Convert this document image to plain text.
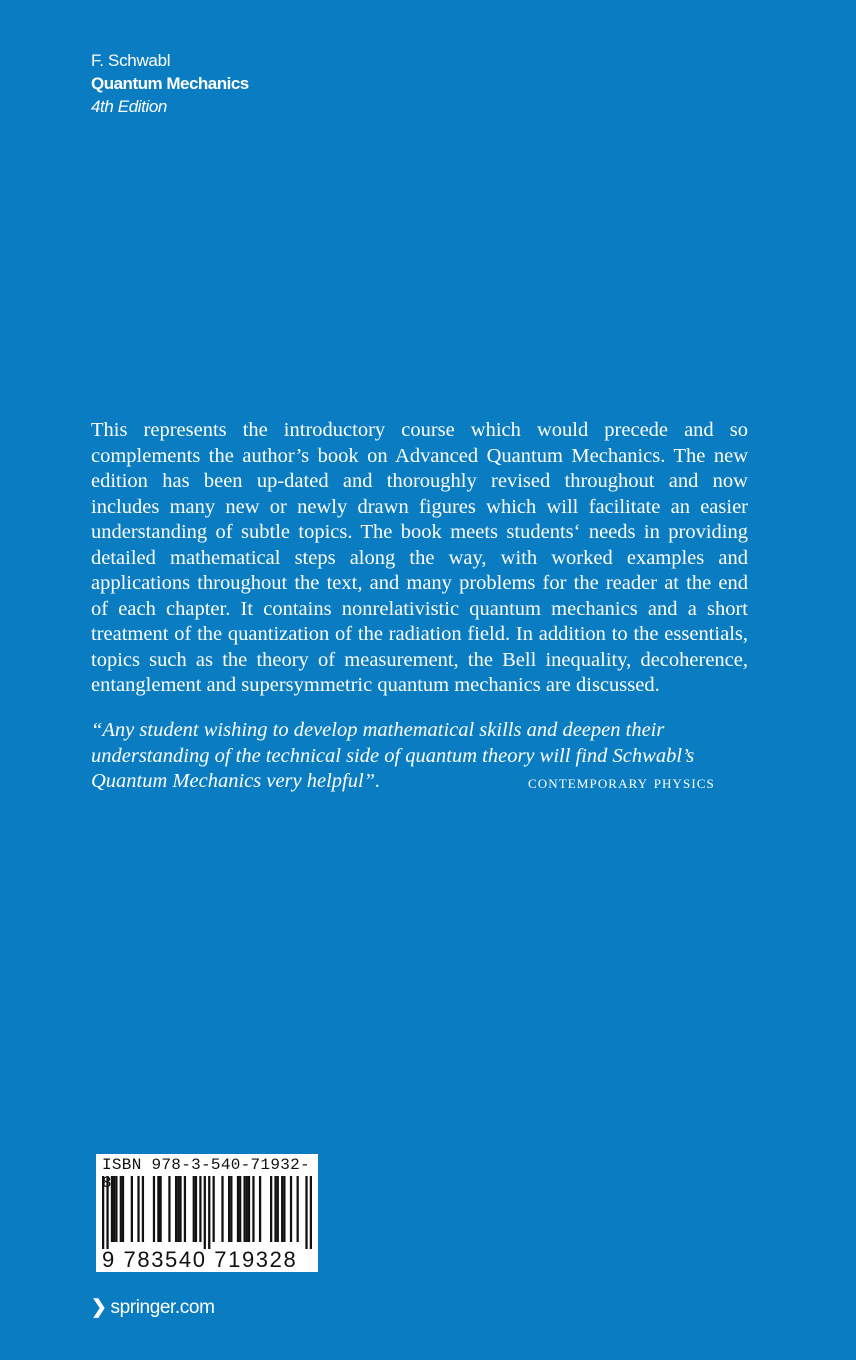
F. Schwabl
Quantum Mechanics
4th Edition
This represents the introductory course which would precede and so
complements the author’s book on Advanced Quantum Mechanics. The new
edition has been up-dated and thoroughly revised throughout and now
includes many new or newly drawn figures which will facilitate an easier
understanding of subtle topics. The book meets students‘ needs in providing
detailed mathematical steps along the way, with worked examples and
applications throughout the text, and many problems for the reader at the end
of each chapter. It contains nonrelativistic quantum mechanics and a short
treatment of the quantization of the radiation field. In addition to the essentials,
topics such as the theory of measurement, the Bell inequality, decoherence,
entanglement and supersymmetric quantum mechanics are discussed.
“Any student wishing to develop mathematical skills and deepen their
understanding of the technical side of quantum theory will find Schwabl’s
Quantum Mechanics very helpful”.	contemporary physics
ISBN 978-3-540-71932-
9 783540 719328
❯ springer.com
